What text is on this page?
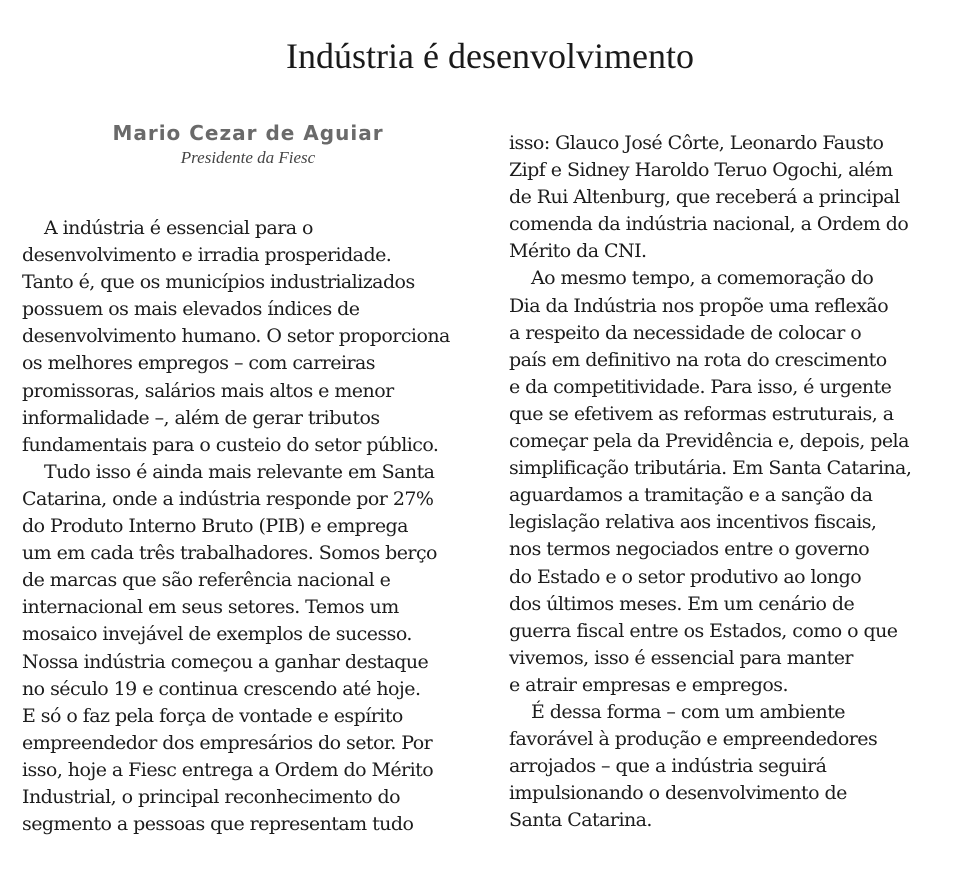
Indústria é desenvolvimento
Mario Cezar de Aguiar
Presidente da Fiesc
A indústria é essencial para o
desenvolvimento e irradia prosperidade.
Tanto é, que os municípios industrializados
possuem os mais elevados índices de
desenvolvimento humano. O setor proporciona
os melhores empregos – com carreiras
promissoras, salários mais altos e menor
informalidade –, além de gerar tributos
fundamentais para o custeio do setor público.
Tudo isso é ainda mais relevante em Santa
Catarina, onde a indústria responde por 27%
do Produto Interno Bruto (PIB) e emprega
um em cada três trabalhadores. Somos berço
de marcas que são referência nacional e
internacional em seus setores. Temos um
mosaico invejável de exemplos de sucesso.
Nossa indústria começou a ganhar destaque
no século 19 e continua crescendo até hoje.
E só o faz pela força de vontade e espírito
empreendedor dos empresários do setor. Por
isso, hoje a Fiesc entrega a Ordem do Mérito
Industrial, o principal reconhecimento do
segmento a pessoas que representam tudo
isso: Glauco José Côrte, Leonardo Fausto
Zipf e Sidney Haroldo Teruo Ogochi, além
de Rui Altenburg, que receberá a principal
comenda da indústria nacional, a Ordem do
Mérito da CNI.
Ao mesmo tempo, a comemoração do
Dia da Indústria nos propõe uma reflexão
a respeito da necessidade de colocar o
país em definitivo na rota do crescimento
e da competitividade. Para isso, é urgente
que se efetivem as reformas estruturais, a
começar pela da Previdência e, depois, pela
simplificação tributária. Em Santa Catarina,
aguardamos a tramitação e a sanção da
legislação relativa aos incentivos fiscais,
nos termos negociados entre o governo
do Estado e o setor produtivo ao longo
dos últimos meses. Em um cenário de
guerra fiscal entre os Estados, como o que
vivemos, isso é essencial para manter
e atrair empresas e empregos.
É dessa forma – com um ambiente
favorável à produção e empreendedores
arrojados – que a indústria seguirá
impulsionando o desenvolvimento de
Santa Catarina.
